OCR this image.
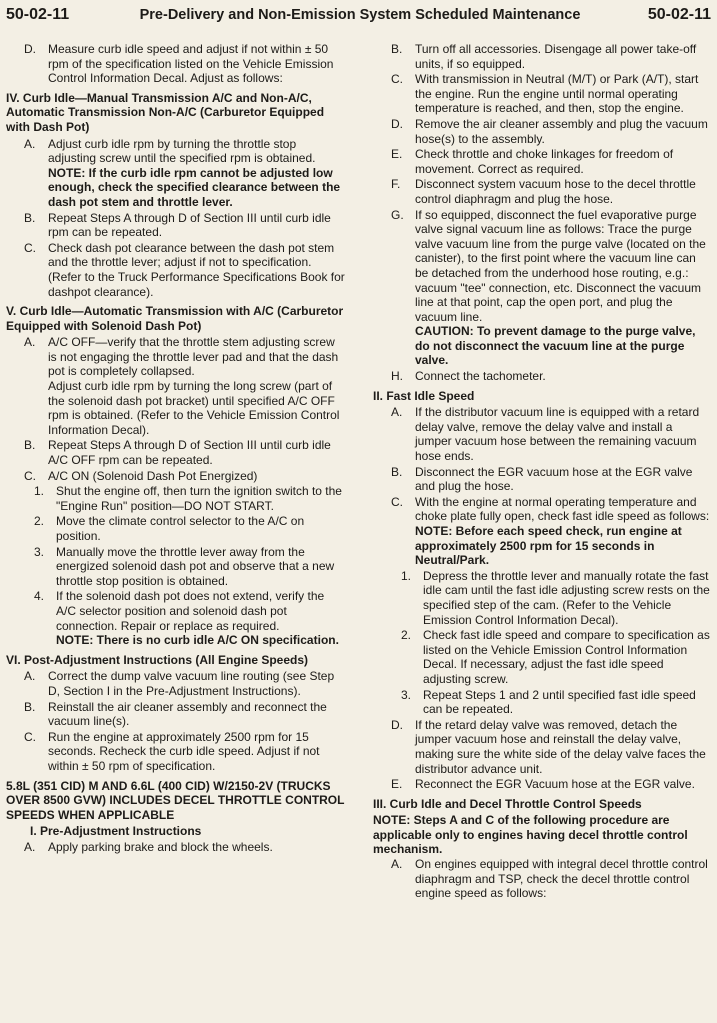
50-02-11	Pre-Delivery and Non-Emission System Scheduled Maintenance	50-02-11
D. Measure curb idle speed and adjust if not within ± 50 rpm of the specification listed on the Vehicle Emission Control Information Decal. Adjust as follows:

IV. Curb Idle—Manual Transmission A/C and Non-A/C, Automatic Transmission Non-A/C (Carburetor Equipped with Dash Pot)

A. Adjust curb idle rpm by turning the throttle stop adjusting screw until the specified rpm is obtained.

NOTE: If the curb idle rpm cannot be adjusted low enough, check the specified clearance between the dash pot stem and throttle lever.

B. Repeat Steps A through D of Section III until curb idle rpm can be repeated.

C. Check dash pot clearance between the dash pot stem and the throttle lever; adjust if not to specification. (Refer to the Truck Performance Specifications Book for dashpot clearance).

V. Curb Idle—Automatic Transmission with A/C (Carburetor Equipped with Solenoid Dash Pot)

A. A/C OFF—verify that the throttle stem adjusting screw is not engaging the throttle lever pad and that the dash pot is completely collapsed.

Adjust curb idle rpm by turning the long screw (part of the solenoid dash pot bracket) until specified A/C OFF rpm is obtained. (Refer to the Vehicle Emission Control Information Decal).

B. Repeat Steps A through D of Section III until curb idle A/C OFF rpm can be repeated.

C. A/C ON (Solenoid Dash Pot Energized)

1. Shut the engine off, then turn the ignition switch to the "Engine Run" position—DO NOT START.

2. Move the climate control selector to the A/C on position.

3. Manually move the throttle lever away from the energized solenoid dash pot and observe that a new throttle stop position is obtained.

4. If the solenoid dash pot does not extend, verify the A/C selector position and solenoid dash pot connection. Repair or replace as required.

NOTE: There is no curb idle A/C ON specification.

VI. Post-Adjustment Instructions (All Engine Speeds)

A. Correct the dump valve vacuum line routing (see Step D, Section I in the Pre-Adjustment Instructions).

B. Reinstall the air cleaner assembly and reconnect the vacuum line(s).

C. Run the engine at approximately 2500 rpm for 15 seconds. Recheck the curb idle speed. Adjust if not within ± 50 rpm of specification.

5.8L (351 CID) M AND 6.6L (400 CID) W/2150-2V (TRUCKS OVER 8500 GVW) INCLUDES DECEL THROTTLE CONTROL SPEEDS WHEN APPLICABLE

I. Pre-Adjustment Instructions

A. Apply parking brake and block the wheels.

B. Turn off all accessories. Disengage all power take-off units, if so equipped.

C. With transmission in Neutral (M/T) or Park (A/T), start the engine. Run the engine until normal operating temperature is reached, and then, stop the engine.

D. Remove the air cleaner assembly and plug the vacuum hose(s) to the assembly.

E. Check throttle and choke linkages for freedom of movement. Correct as required.

F. Disconnect system vacuum hose to the decel throttle control diaphragm and plug the hose.

G. If so equipped, disconnect the fuel evaporative purge valve signal vacuum line as follows: Trace the purge valve vacuum line from the purge valve (located on the canister), to the first point where the vacuum line can be detached from the underhood hose routing, e.g.: vacuum "tee" connection, etc. Disconnect the vacuum line at that point, cap the open port, and plug the vacuum line.

CAUTION: To prevent damage to the purge valve, do not disconnect the vacuum line at the purge valve.

H. Connect the tachometer.

II. Fast Idle Speed

A. If the distributor vacuum line is equipped with a retard delay valve, remove the delay valve and install a jumper vacuum hose between the remaining vacuum hose ends.

B. Disconnect the EGR vacuum hose at the EGR valve and plug the hose.

C. With the engine at normal operating temperature and choke plate fully open, check fast idle speed as follows:

NOTE: Before each speed check, run engine at approximately 2500 rpm for 15 seconds in Neutral/Park.

1. Depress the throttle lever and manually rotate the fast idle cam until the fast idle adjusting screw rests on the specified step of the cam. (Refer to the Vehicle Emission Control Information Decal).

2. Check fast idle speed and compare to specification as listed on the Vehicle Emission Control Information Decal. If necessary, adjust the fast idle speed adjusting screw.

3. Repeat Steps 1 and 2 until specified fast idle speed can be repeated.

D. If the retard delay valve was removed, detach the jumper vacuum hose and reinstall the delay valve, making sure the white side of the delay valve faces the distributor advance unit.

E. Reconnect the EGR Vacuum hose at the EGR valve.

III. Curb Idle and Decel Throttle Control Speeds

NOTE: Steps A and C of the following procedure are applicable only to engines having decel throttle control mechanism.

A. On engines equipped with integral decel throttle control diaphragm and TSP, check the decel throttle control engine speed as follows:
